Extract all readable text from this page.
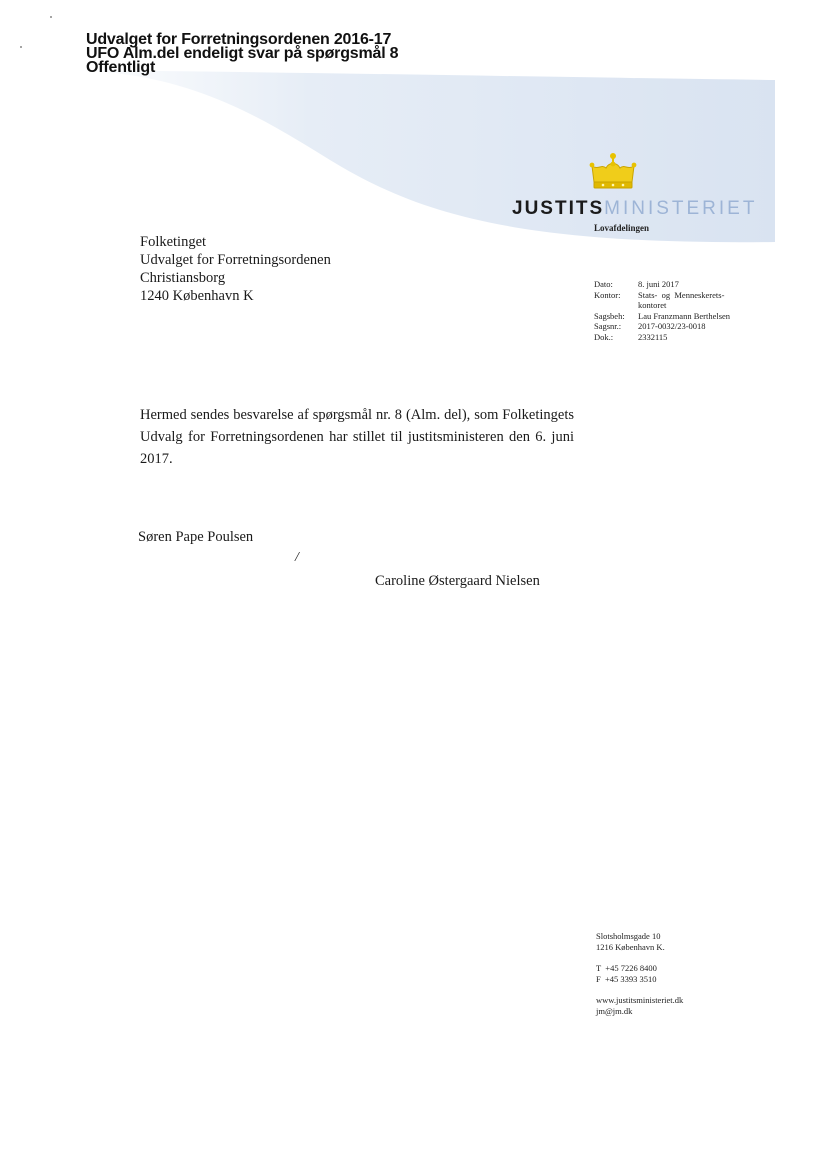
Udvalget for Forretningsordenen 2016-17
UFO Alm.del endeligt svar på spørgsmål 8
Offentligt
JUSTITSMINISTERIET
Lovafdelingen
Folketinget
Udvalget for Forretningsordenen
Christiansborg
1240 København K
Dato:	8. juni 2017
Kontor:	Stats-  og  Menneskerets-
kontoret
Sagsbeh:	Lau Franzmann Berthelsen
Sagsnr.:	2017-0032/23-0018
Dok.:	2332115
Hermed sendes besvarelse af spørgsmål nr. 8 (Alm. del), som Folketingets Udvalg for Forretningsordenen har stillet til justitsministeren den 6. juni 2017.
Søren Pape Poulsen
/
Caroline Østergaard Nielsen
Slotsholmsgade 10
1216 København K.
T  +45 7226 8400
F  +45 3393 3510
www.justitsministeriet.dk
jm@jm.dk
